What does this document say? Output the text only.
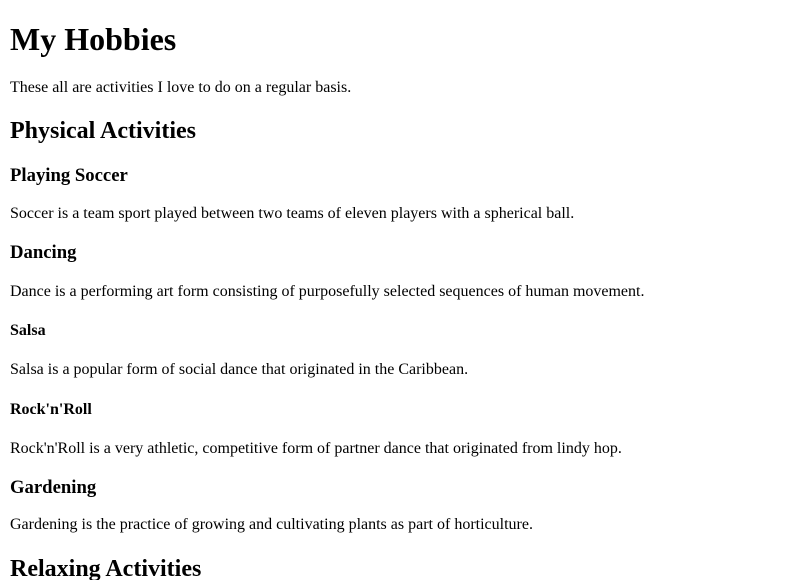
My Hobbies

These all are activities I love to do on a regular basis.

Physical Activities
Playing Soccer

Soccer is a team sport played between two teams of eleven players with a spherical ball.

Dancing

Dance is a performing art form consisting of purposefully selected sequences of human movement.

Salsa

Salsa is a popular form of social dance that originated in the Caribbean.

Rock'n'Roll

Rock'n'Roll is a very athletic, competitive form of partner dance that originated from lindy hop.

Gardening

Gardening is the practice of growing and cultivating plants as part of horticulture.

Relaxing Activities
